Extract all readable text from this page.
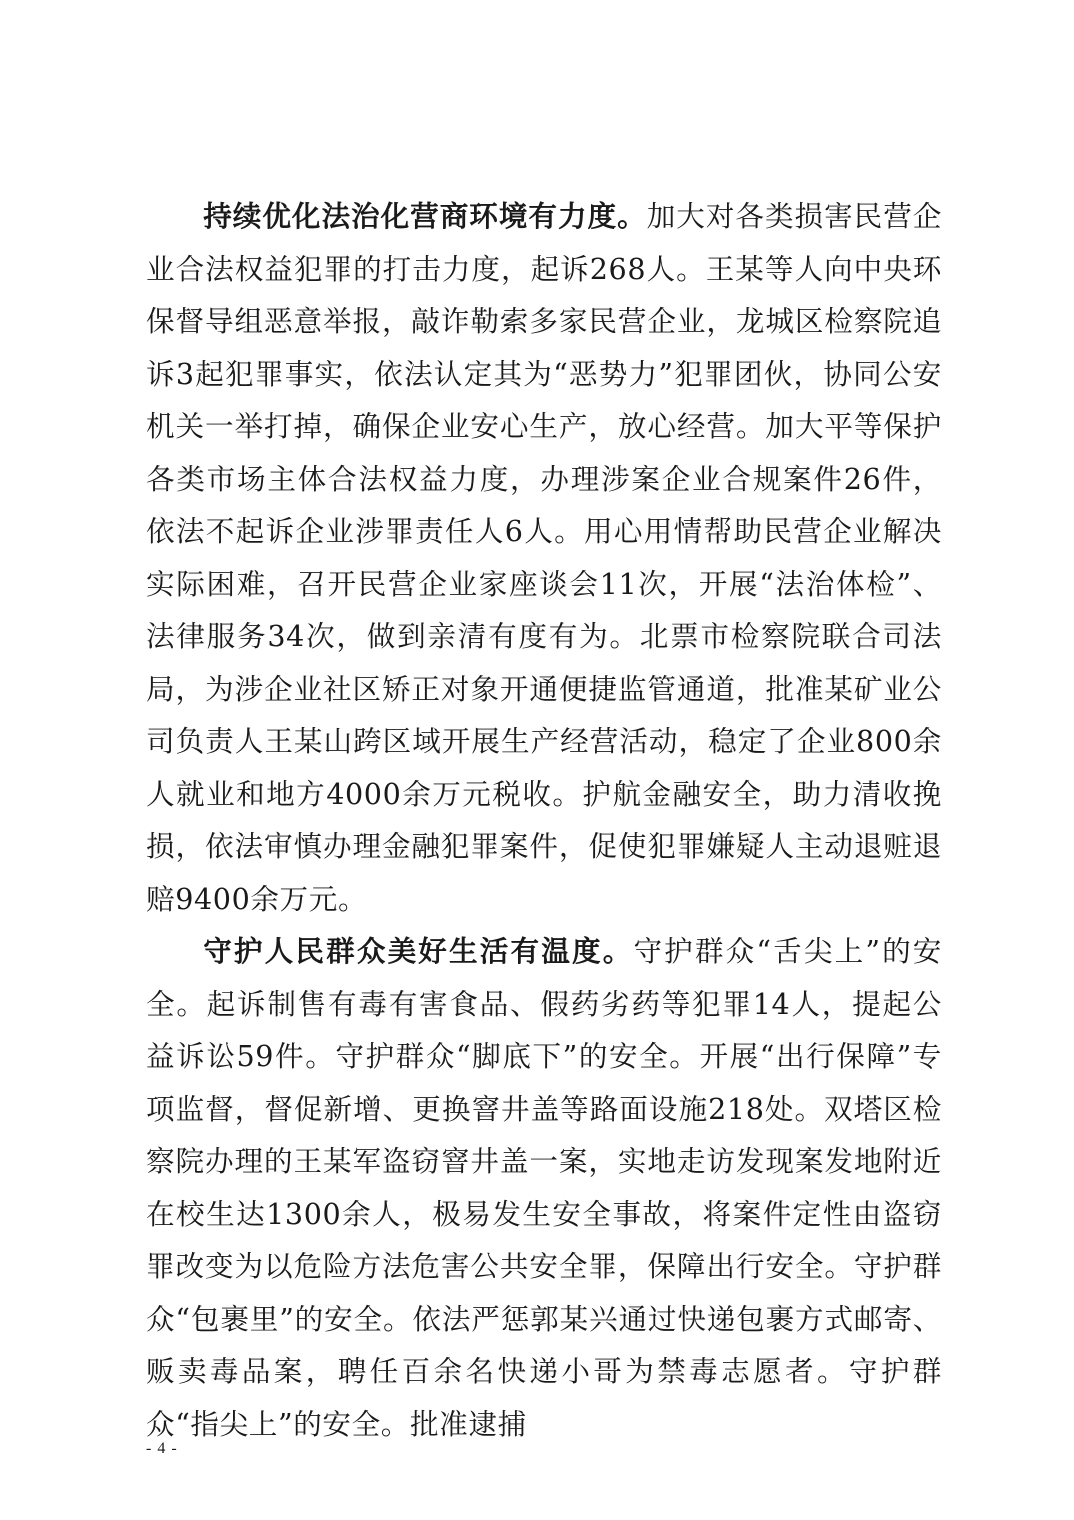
持续优化法治化营商环境有力度。加大对各类损害民营企业合法权益犯罪的打击力度，起诉268人。王某等人向中央环保督导组恶意举报，敲诈勒索多家民营企业，龙城区检察院追诉3起犯罪事实，依法认定其为“恶势力”犯罪团伙，协同公安机关一举打掉，确保企业安心生产，放心经营。加大平等保护各类市场主体合法权益力度，办理涉案企业合规案件26件，依法不起诉企业涉罪责任人6人。用心用情帮助民营企业解决实际困难，召开民营企业家座谈会11次，开展“法治体检”、法律服务34次，做到亲清有度有为。北票市检察院联合司法局，为涉企业社区矫正对象开通便捷监管通道，批准某矿业公司负责人王某山跨区域开展生产经营活动，稳定了企业800余人就业和地方4000余万元税收。护航金融安全，助力清收挽损，依法审慎办理金融犯罪案件，促使犯罪嫌疑人主动退赃退赔9400余万元。

守护人民群众美好生活有温度。守护群众“舌尖上”的安全。起诉制售有毒有害食品、假药劣药等犯罪14人，提起公益诉讼59件。守护群众“脚底下”的安全。开展“出行保障”专项监督，督促新增、更换窨井盖等路面设施218处。双塔区检察院办理的王某军盗窃窨井盖一案，实地走访发现案发地附近在校生达1300余人，极易发生安全事故，将案件定性由盗窃罪改变为以危险方法危害公共安全罪，保障出行安全。守护群众“包裹里”的安全。依法严惩郭某兴通过快递包裹方式邮寄、贩卖毒品案，聘任百余名快递小哥为禁毒志愿者。守护群众“指尖上”的安全。批准逮捕

- 4 -
